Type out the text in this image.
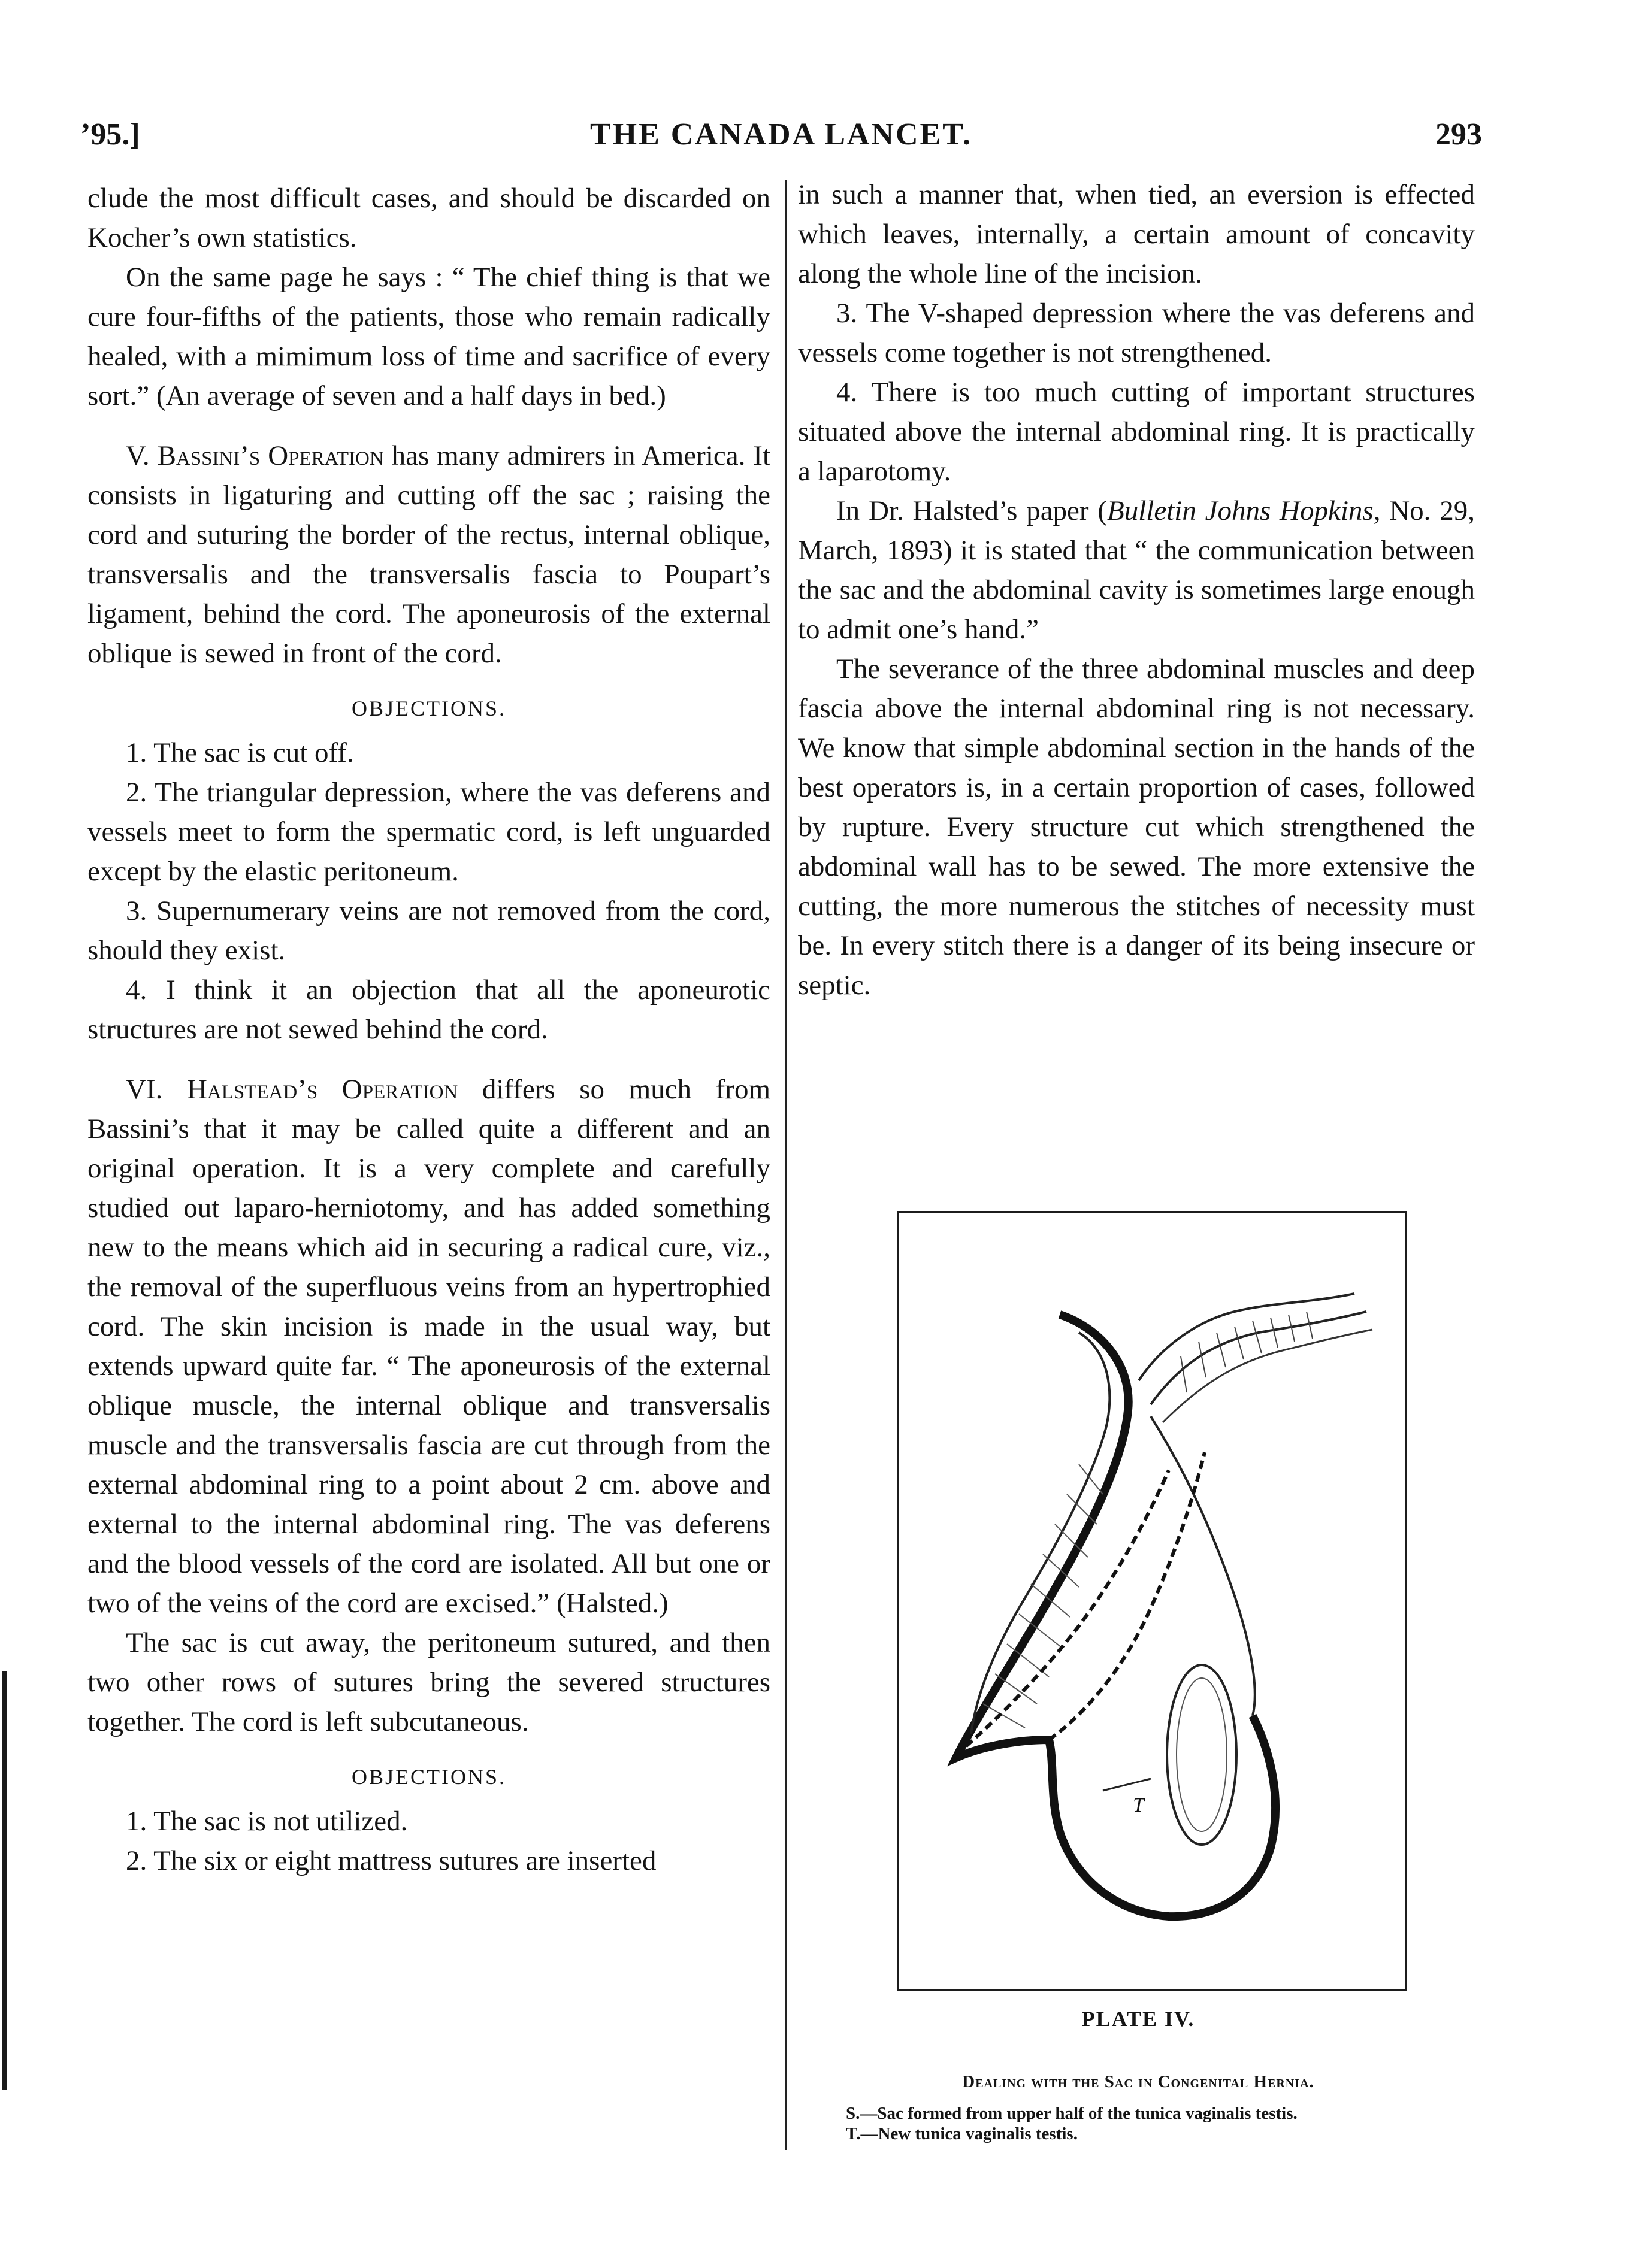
’95.]	THE CANADA LANCET.	293

clude the most difficult cases, and should be discarded on Kocher’s own statistics.

On the same page he says : “ The chief thing is that we cure four-fifths of the patients, those who remain radically healed, with a mimimum loss of time and sacrifice of every sort.” (An average of seven and a half days in bed.)

V. Bassini’s Operation has many admirers in America. It consists in ligaturing and cutting off the sac ; raising the cord and suturing the border of the rectus, internal oblique, transversalis and the transversalis fascia to Poupart’s ligament, behind the cord. The aponeurosis of the external oblique is sewed in front of the cord.

OBJECTIONS.

1. The sac is cut off.

2. The triangular depression, where the vas deferens and vessels meet to form the spermatic cord, is left unguarded except by the elastic peritoneum.

3. Supernumerary veins are not removed from the cord, should they exist.

4. I think it an objection that all the aponeurotic structures are not sewed behind the cord.

VI. Halstead’s Operation differs so much from Bassini’s that it may be called quite a different and an original operation. It is a very complete and carefully studied out laparo-herniotomy, and has added something new to the means which aid in securing a radical cure, viz., the removal of the superfluous veins from an hypertrophied cord. The skin incision is made in the usual way, but extends upward quite far. “ The aponeurosis of the external oblique muscle, the internal oblique and transversalis muscle and the transversalis fascia are cut through from the external abdominal ring to a point about 2 cm. above and external to the internal abdominal ring. The vas deferens and the blood vessels of the cord are isolated. All but one or two of the veins of the cord are excised.” (Halsted.)

The sac is cut away, the peritoneum sutured, and then two other rows of sutures bring the severed structures together. The cord is left subcutaneous.

OBJECTIONS.

1. The sac is not utilized.

2. The six or eight mattress sutures are inserted

in such a manner that, when tied, an eversion is effected which leaves, internally, a certain amount of concavity along the whole line of the incision.

3. The V-shaped depression where the vas deferens and vessels come together is not strengthened.

4. There is too much cutting of important structures situated above the internal abdominal ring. It is practically a laparotomy.

In Dr. Halsted’s paper (Bulletin Johns Hopkins, No. 29, March, 1893) it is stated that “ the communication between the sac and the abdominal cavity is sometimes large enough to admit one’s hand.”

The severance of the three abdominal muscles and deep fascia above the internal abdominal ring is not necessary. We know that simple abdominal section in the hands of the best operators is, in a certain proportion of cases, followed by rupture. Every structure cut which strengthened the abdominal wall has to be sewed. The more extensive the cutting, the more numerous the stitches of necessity must be. In every stitch there is a danger of its being insecure or septic.

T
PLATE IV.
Dealing with the Sac in Congenital Hernia.
S.—Sac formed from upper half of the tunica vaginalis testis.
T.—New tunica vaginalis testis.
